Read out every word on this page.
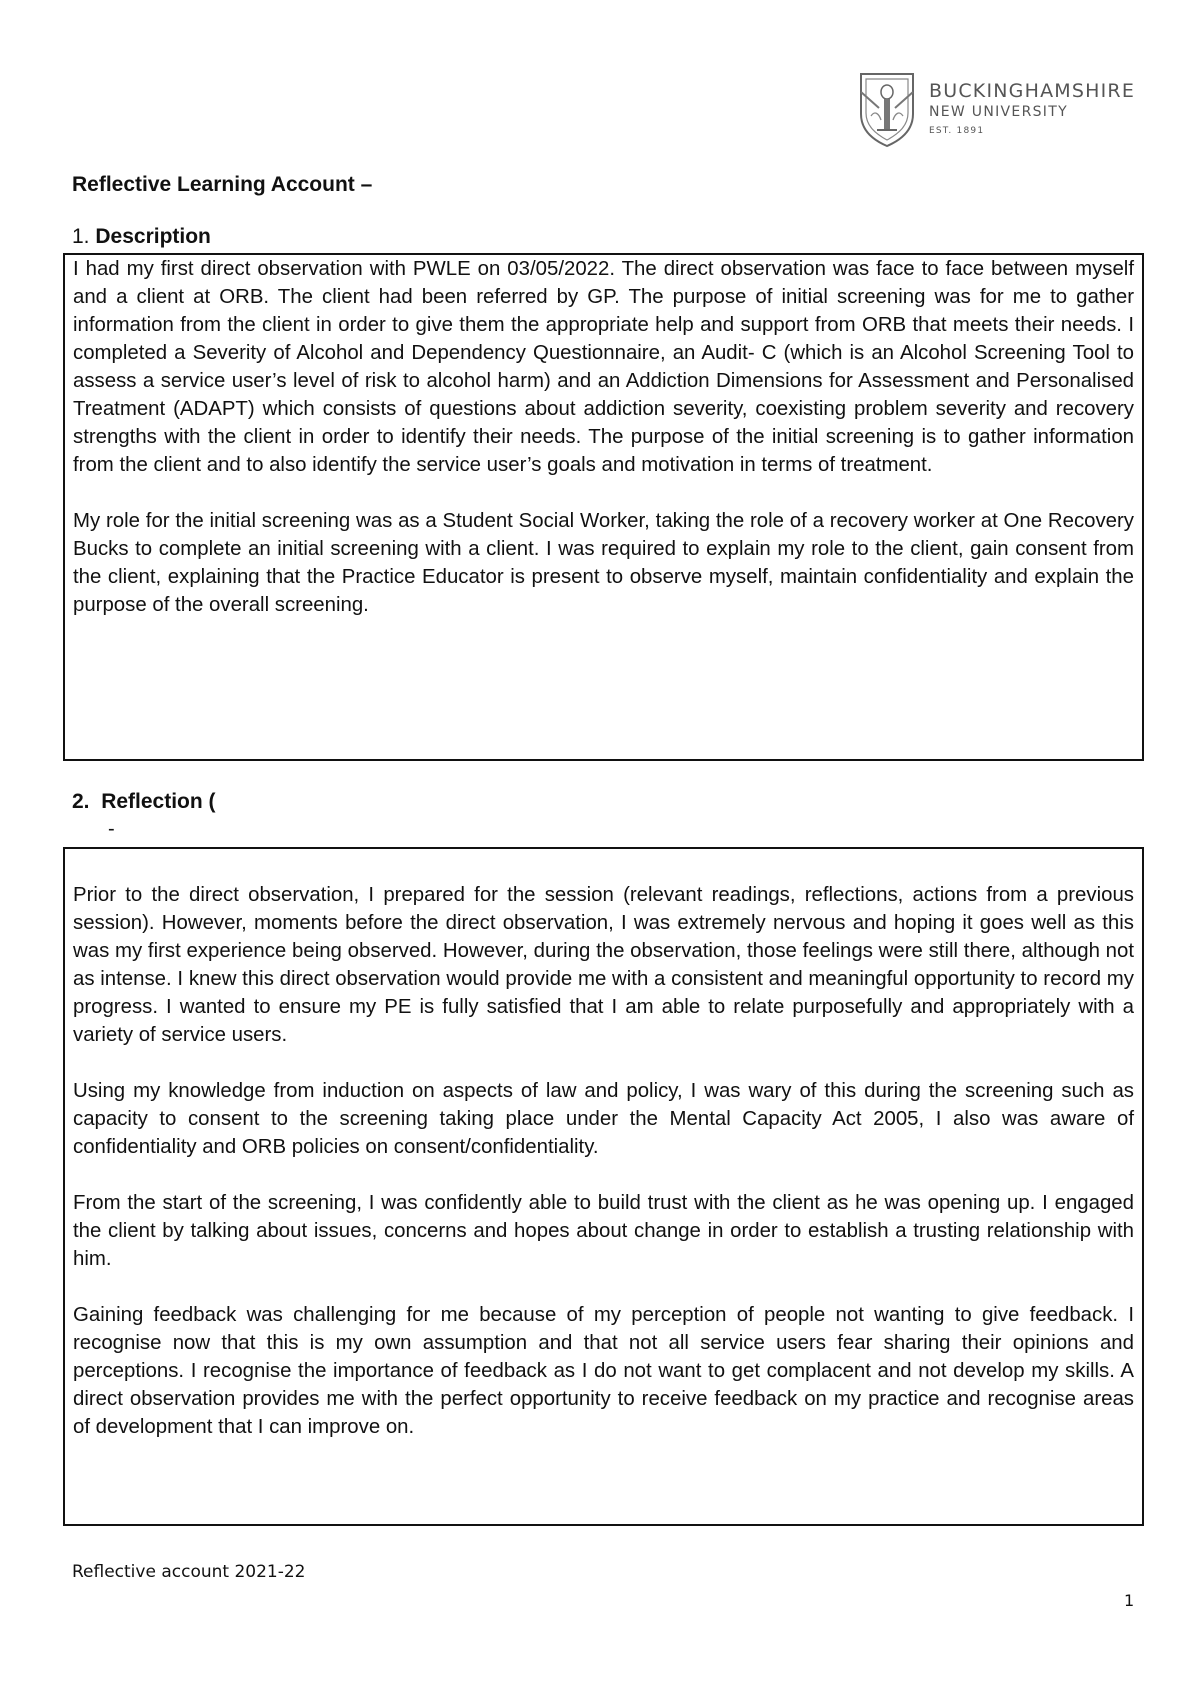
BUCKINGHAMSHIRE
NEW UNIVERSITY
EST. 1891
Reflective Learning Account –
1. Description

I had my first direct observation with PWLE on 03/05/2022. The direct observation was face to face between myself and a client at ORB. The client had been referred by GP. The purpose of initial screening was for me to gather information from the client in order to give them the appropriate help and support from ORB that meets their needs. I completed a Severity of Alcohol and Dependency Questionnaire, an Audit- C (which is an Alcohol Screening Tool to assess a service user’s level of risk to alcohol harm) and an Addiction Dimensions for Assessment and Personalised Treatment (ADAPT) which consists of questions about addiction severity, coexisting problem severity and recovery strengths with the client in order to identify their needs. The purpose of the initial screening is to gather information from the client and to also identify the service user’s goals and motivation in terms of treatment.

My role for the initial screening was as a Student Social Worker, taking the role of a recovery worker at One Recovery Bucks to complete an initial screening with a client. I was required to explain my role to the client, gain consent from the client, explaining that the Practice Educator is present to observe myself, maintain confidentiality and explain the purpose of the overall screening.

2. Reflection (
-

Prior to the direct observation, I prepared for the session (relevant readings, reflections, actions from a previous session). However, moments before the direct observation, I was extremely nervous and hoping it goes well as this was my first experience being observed. However, during the observation, those feelings were still there, although not as intense. I knew this direct observation would provide me with a consistent and meaningful opportunity to record my progress. I wanted to ensure my PE is fully satisfied that I am able to relate purposefully and appropriately with a variety of service users.

Using my knowledge from induction on aspects of law and policy, I was wary of this during the screening such as capacity to consent to the screening taking place under the Mental Capacity Act 2005, I also was aware of confidentiality and ORB policies on consent/confidentiality.

From the start of the screening, I was confidently able to build trust with the client as he was opening up. I engaged the client by talking about issues, concerns and hopes about change in order to establish a trusting relationship with him.

Gaining feedback was challenging for me because of my perception of people not wanting to give feedback. I recognise now that this is my own assumption and that not all service users fear sharing their opinions and perceptions. I recognise the importance of feedback as I do not want to get complacent and not develop my skills. A direct observation provides me with the perfect opportunity to receive feedback on my practice and recognise areas of development that I can improve on.

Reflective account 2021-22
1
